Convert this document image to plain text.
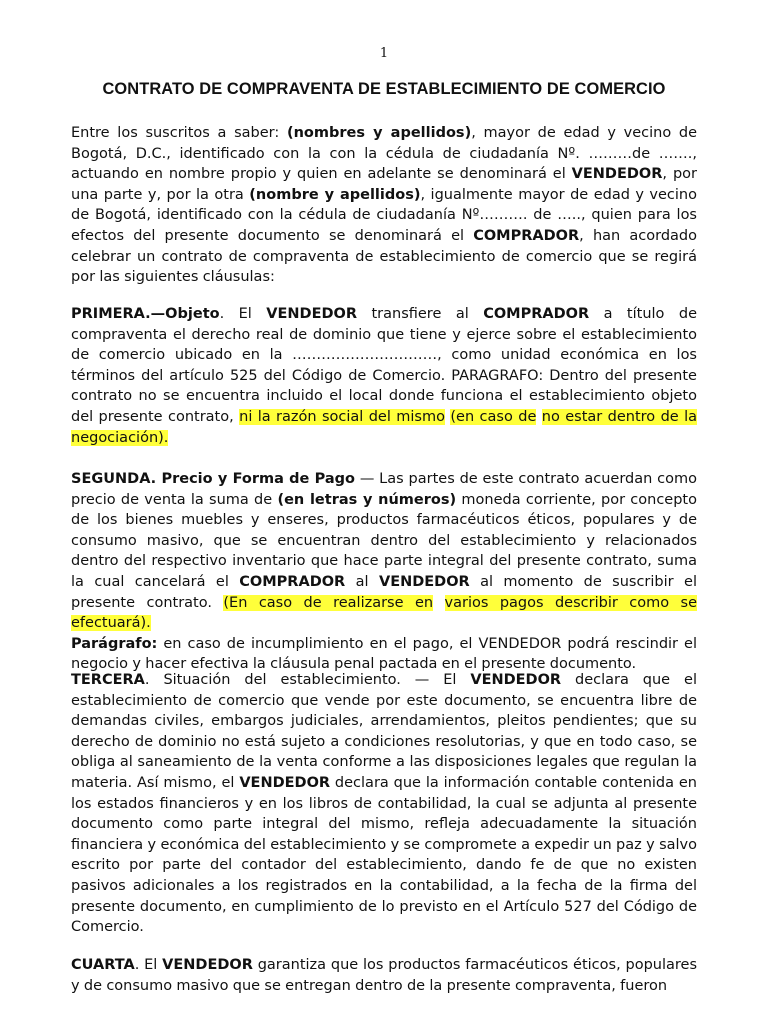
1
CONTRATO DE COMPRAVENTA DE ESTABLECIMIENTO DE COMERCIO

Entre los suscritos a saber: (nombres y apellidos), mayor de edad y vecino de Bogotá, D.C., identificado con la con la cédula de ciudadanía Nº. ………de ……., actuando en nombre propio y quien en adelante se denominará el VENDEDOR, por una parte y, por la otra (nombre y apellidos), igualmente mayor de edad y vecino de Bogotá, identificado con la cédula de ciudadanía Nº………. de ….., quien para los efectos del presente documento se denominará el COMPRADOR, han acordado celebrar un contrato de compraventa de establecimiento de comercio que se regirá por las siguientes cláusulas:

PRIMERA.—Objeto. El VENDEDOR transfiere al COMPRADOR a título de compraventa el derecho real de dominio que tiene y ejerce sobre el establecimiento de comercio ubicado en la …………………………, como unidad económica en los términos del artículo 525 del Código de Comercio. PARAGRAFO: Dentro del presente contrato no se encuentra incluido el local donde funciona el establecimiento objeto del presente contrato, ni la razón social del mismo (en caso de no estar dentro de la negociación).

SEGUNDA. Precio y Forma de Pago — Las partes de este contrato acuerdan como precio de venta la suma de (en letras y números) moneda corriente, por concepto de los bienes muebles y enseres, productos farmacéuticos éticos, populares y de consumo masivo, que se encuentran dentro del establecimiento y relacionados dentro del respectivo inventario que hace parte integral del presente contrato, suma la cual cancelará el COMPRADOR al VENDEDOR al momento de suscribir el presente contrato. (En caso de realizarse en varios pagos describir como se efectuará).
Parágrafo: en caso de incumplimiento en el pago, el VENDEDOR podrá rescindir el negocio y hacer efectiva la cláusula penal pactada en el presente documento.

TERCERA. Situación del establecimiento. — El VENDEDOR declara que el establecimiento de comercio que vende por este documento, se encuentra libre de demandas civiles, embargos judiciales, arrendamientos, pleitos pendientes; que su derecho de dominio no está sujeto a condiciones resolutorias, y que en todo caso, se obliga al saneamiento de la venta conforme a las disposiciones legales que regulan la materia. Así mismo, el VENDEDOR declara que la información contable contenida en los estados financieros y en los libros de contabilidad, la cual se adjunta al presente documento como parte integral del mismo, refleja adecuadamente la situación financiera y económica del establecimiento y se compromete a expedir un paz y salvo escrito por parte del contador del establecimiento, dando fe de que no existen pasivos adicionales a los registrados en la contabilidad, a la fecha de la firma del presente documento, en cumplimiento de lo previsto en el Artículo 527 del Código de Comercio.

CUARTA. El VENDEDOR garantiza que los productos farmacéuticos éticos, populares y de consumo masivo que se entregan dentro de la presente compraventa, fueron
